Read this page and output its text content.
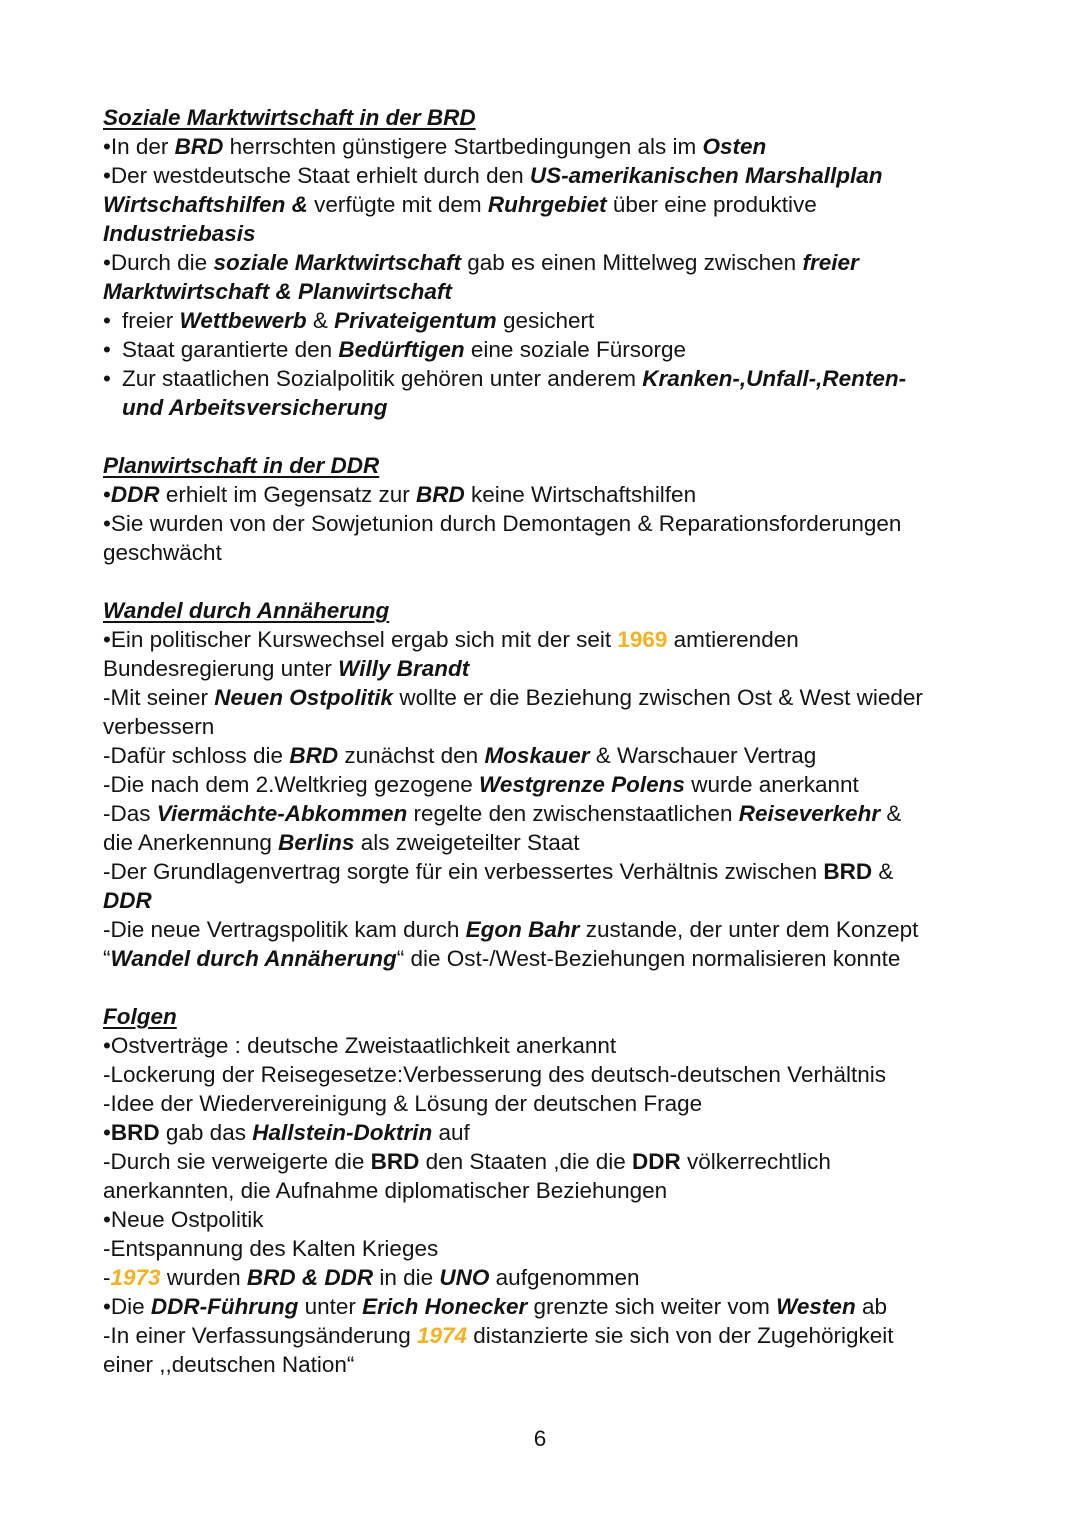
Soziale Marktwirtschaft in der BRD
•In der BRD herrschten günstigere Startbedingungen als im Osten
•Der westdeutsche Staat erhielt durch den US-amerikanischen Marshallplan
Wirtschaftshilfen & verfügte mit dem Ruhrgebiet über eine produktive
Industriebasis
•Durch die soziale Marktwirtschaft gab es einen Mittelweg zwischen freier
Marktwirtschaft & Planwirtschaft
• freier Wettbewerb & Privateigentum gesichert
• Staat garantierte den Bedürftigen eine soziale Fürsorge
• Zur staatlichen Sozialpolitik gehören unter anderem Kranken-,Unfall-,Renten-
und Arbeitsversicherung
Planwirtschaft in der DDR
•DDR erhielt im Gegensatz zur BRD keine Wirtschaftshilfen
•Sie wurden von der Sowjetunion durch Demontagen & Reparationsforderungen
geschwächt
Wandel durch Annäherung
•Ein politischer Kurswechsel ergab sich mit der seit 1969 amtierenden
Bundesregierung unter Willy Brandt
-Mit seiner Neuen Ostpolitik wollte er die Beziehung zwischen Ost & West wieder
verbessern
-Dafür schloss die BRD zunächst den Moskauer & Warschauer Vertrag
-Die nach dem 2.Weltkrieg gezogene Westgrenze Polens wurde anerkannt
-Das Viermächte-Abkommen regelte den zwischenstaatlichen Reiseverkehr &
die Anerkennung Berlins als zweigeteilter Staat
-Der Grundlagenvertrag sorgte für ein verbessertes Verhältnis zwischen BRD &
DDR
-Die neue Vertragspolitik kam durch Egon Bahr zustande, der unter dem Konzept
“Wandel durch Annäherung“ die Ost-/West-Beziehungen normalisieren konnte
Folgen
•Ostverträge : deutsche Zweistaatlichkeit anerkannt
-Lockerung der Reisegesetze:Verbesserung des deutsch-deutschen Verhältnis
-Idee der Wiedervereinigung & Lösung der deutschen Frage
•BRD gab das Hallstein-Doktrin auf
-Durch sie verweigerte die BRD den Staaten ,die die DDR völkerrechtlich
anerkannten, die Aufnahme diplomatischer Beziehungen
•Neue Ostpolitik
-Entspannung des Kalten Krieges
-1973 wurden BRD & DDR in die UNO aufgenommen
•Die DDR-Führung unter Erich Honecker grenzte sich weiter vom Westen ab
-In einer Verfassungsänderung 1974 distanzierte sie sich von der Zugehörigkeit
einer ,,deutschen Nation“
6
